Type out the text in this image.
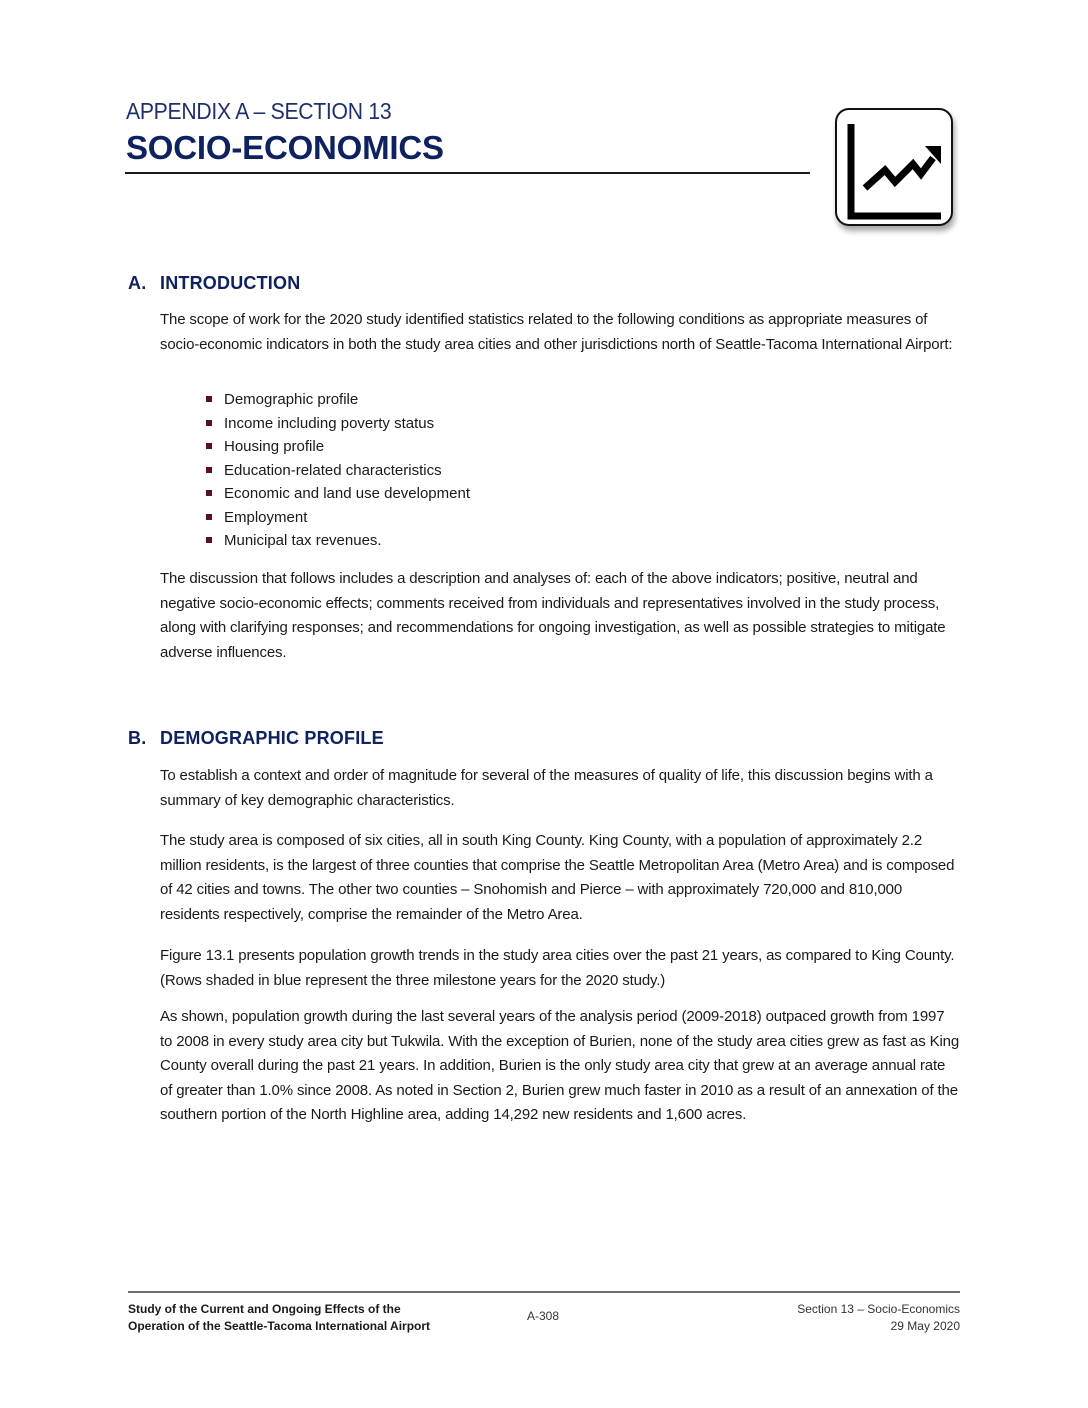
APPENDIX A – SECTION 13
SOCIO-ECONOMICS
A. INTRODUCTION
The scope of work for the 2020 study identified statistics related to the following conditions as appropriate measures of socio-economic indicators in both the study area cities and other jurisdictions north of Seattle-Tacoma International Airport:
Demographic profile
Income including poverty status
Housing profile
Education-related characteristics
Economic and land use development
Employment
Municipal tax revenues.
The discussion that follows includes a description and analyses of: each of the above indicators; positive, neutral and negative socio-economic effects; comments received from individuals and representatives involved in the study process, along with clarifying responses; and recommendations for ongoing investigation, as well as possible strategies to mitigate adverse influences.
B. DEMOGRAPHIC PROFILE
To establish a context and order of magnitude for several of the measures of quality of life, this discussion begins with a summary of key demographic characteristics.
The study area is composed of six cities, all in south King County. King County, with a population of approximately 2.2 million residents, is the largest of three counties that comprise the Seattle Metropolitan Area (Metro Area) and is composed of 42 cities and towns. The other two counties – Snohomish and Pierce – with approximately 720,000 and 810,000 residents respectively, comprise the remainder of the Metro Area.
Figure 13.1 presents population growth trends in the study area cities over the past 21 years, as compared to King County. (Rows shaded in blue represent the three milestone years for the 2020 study.)
As shown, population growth during the last several years of the analysis period (2009-2018) outpaced growth from 1997 to 2008 in every study area city but Tukwila. With the exception of Burien, none of the study area cities grew as fast as King County overall during the past 21 years. In addition, Burien is the only study area city that grew at an average annual rate of greater than 1.0% since 2008. As noted in Section 2, Burien grew much faster in 2010 as a result of an annexation of the southern portion of the North Highline area, adding 14,292 new residents and 1,600 acres.
Study of the Current and Ongoing Effects of the
Operation of the Seattle-Tacoma International Airport
A-308	Section 13 – Socio-Economics
29 May 2020
